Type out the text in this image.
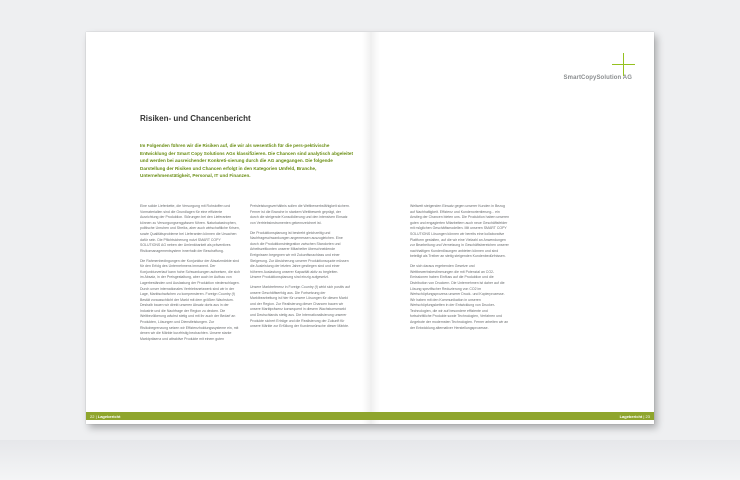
SmartCopySolution AG
Risiken- und Chancenbericht
Im Folgenden führen wir die Risiken auf, die wir als wesentlich für die pers-pektivische Entwicklung der Smart Copy Solutions AGs klassifizieren. Die Chancen sind analytisch abgeleitet und werden bei ausreichender Konkreti-sierung durch die AG angegangen. Die folgende Darstellung der Risiken und Chancen erfolgt in den Kategorien Umfeld, Branche, Unternehmenstätigkeit, Personal, IT und Finanzen.

Eine solide Lieferkette, die Versorgung mit Rohstoffen und Vormaterialien sind die Grundlagen für eine effiziente Ausrichtung der Produktion. Störungen bei den Lieferanten können zu Versorgungsengpässen führen. Naturkatastrophen, politische Unruhen und Streiks, aber auch wirtschaftliche Krisen, sowie Qualitätsprobleme bei Lieferanten können die Ursachen dafür sein. Die Pflichtsicherung nutzt SMART COPY SOLUTIONS AG neben der Umlenkbarkeit als präventives Risikomanagementsystem innerhalb der Beschaffung.

Die Rahmenbedingungen der Konjunktur der Absatzmärkte sind für den Erfolg des Unternehmens immanent. Der Konjunkturverlauf kann hohe Schwankungen aufweisen, die sich im Absatz, in der Preisgestaltung, aber auch im Aufbau von Lagerbeständen und Auslastung der Produktion niederschlagen. Durch unser internationales Vertriebsnetzwerk sind wir in der Lage, Marktschwächen zu kompensieren. Foreign Country (f) Bestät vorausschlicht der Markt mit dem größten Wachstum. Deshalb bauen wir direkt unseren Absatz dorts aus in der Industrie und die Nachfrage der Region zu decken. Die Weltbevölkerung wächst stetig und mit ihr auch der Bedarf an Produkten, Lösungen und Dienstleistungen. Zur Risikobegrenzung setzen wir Effizienzholdungssysteme ein, mit denen wir die Märkte kurzfristig beobachten. Unsere starke Marktpräsenz und attraktive Produkte mit einem guten

Preisleistungsverhältnis sollen die Weltbewerbsfähigkeit sichern. Ferner ist die Branche in starkem Wettbewerb geprägt, der durch die steigende Konsolidierung und den intensiven Einsatz von Vertriebsinstrumenten gekennzeichnet ist.

Die Produktionsplanung ist bestrebt gleichzeitig und Nachfrageschwankungen angemessen auszugleichen. Eine durch die Produktionsintegration zwischen Standorten und Arbeitszeitkonten unserer Mitarbeiter überschneidende Ereignissen begegnen wir mit Zukunftsnachlass und einer Steigerung. Zur Absicherung unserer Produktionsquote müssen die Ausleistung der letzten Jahre gestiegen sind und einer höheren Auslastung unserer Kapazität aktiv zu begleiten. Unsere Produktionsplanung sind einzig aufgesetzt.

Unsere Marktreferenz in Foreign Country (f) wirkt sich positiv auf unsere Geschäftserfolg aus. Die Fortsetzung der Marktbearbeitung ist hier für unsere Lösungen für diesen Markt und der Region. Zur Realisierung dieser Chancen bauen wir unsere Marktpräsenz konsequent in diesem Wachstumsmarkt und Deutschlands stetig aus. Die Internationalisierung unserer Produkte sichert Erträge und die Realisierung der Zukunft für unsere Märkte zur Erfüllung der Kundenwünsche dieser Märkte.

Weltweit steigenden Einsatz gegen unserer Kunden in Bezug auf Nachhaltigkeit. Effizienz und Kundenorientierung... ein Anstieg der Chancen bieten uns. Die Produktion haben unseren guten und engagierten Mitarbeitern auch neue Geschäftsfelder mit möglichen Geschäftsmodellen. Mit unseren SMART COPY SOLUTIONS Lösungen können wir bereits eine kollaborative Plattform gestalten, auf die wir eine Vielzahl an Anwendungen zur Bearbeitung und Vernetzung in Geschäftsbereichen unserer nachhaltigen Kundenlösungen anbieten können und sind beteiligt als Treiber an stetig steigenden Kundenbedürfnissen.

Die sich daraus ergebenden Gesetze und Wettbewerbsbestimmungen die mit Potenzial an CO2-Emissionen haben Einfluss auf die Produktion und die Distribution von Druckern. Die Unternehmen ist daher auf die Lösung spezifischer Reduzierung von CO2 im Wertschöpfungsprozess unserer Druck- und Kopierprozesse. Wir haben mit den Kommunikation in unseren Wertschöpfungsketten in der Entwicklung von Drucker-Technologien, die wir auf besondere effiziente und fortschrittliche Produkte sowie Technologien, Verfahren und Angebote der modernsten Technologien. Ferner arbeiten wir an der Entwicklung alternativer Herstellungsprozesse.

22 | Lagebericht	Lagebericht | 23
